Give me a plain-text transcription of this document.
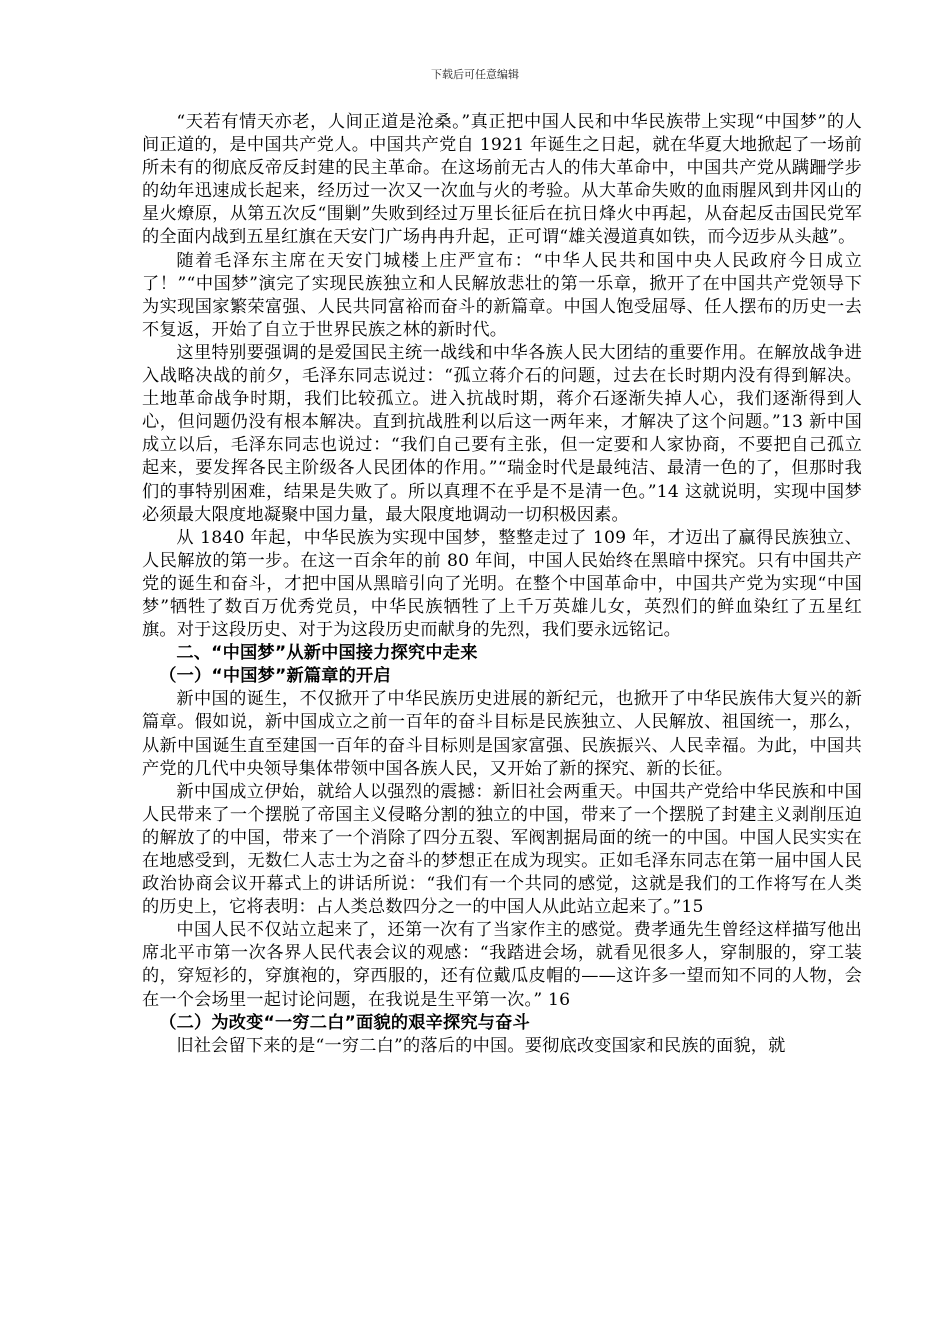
下载后可任意编辑

“天若有情天亦老，人间正道是沧桑。”真正把中国人民和中华民族带上实现“中国梦”的人间正道的，是中国共产党人。中国共产党自 1921 年诞生之日起，就在华夏大地掀起了一场前所未有的彻底反帝反封建的民主革命。在这场前无古人的伟大革命中，中国共产党从蹒跚学步的幼年迅速成长起来，经历过一次又一次血与火的考验。从大革命失败的血雨腥风到井冈山的星火燎原，从第五次反“围剿”失败到经过万里长征后在抗日烽火中再起，从奋起反击国民党军的全面内战到五星红旗在天安门广场冉冉升起，正可谓“雄关漫道真如铁，而今迈步从头越”。

随着毛泽东主席在天安门城楼上庄严宣布：“中华人民共和国中央人民政府今日成立了！”“中国梦”演完了实现民族独立和人民解放悲壮的第一乐章，掀开了在中国共产党领导下为实现国家繁荣富强、人民共同富裕而奋斗的新篇章。中国人饱受屈辱、任人摆布的历史一去不复返，开始了自立于世界民族之林的新时代。

这里特别要强调的是爱国民主统一战线和中华各族人民大团结的重要作用。在解放战争进入战略决战的前夕，毛泽东同志说过：“孤立蒋介石的问题，过去在长时期内没有得到解决。土地革命战争时期，我们比较孤立。进入抗战时期，蒋介石逐渐失掉人心，我们逐渐得到人心，但问题仍没有根本解决。直到抗战胜利以后这一两年来，才解决了这个问题。”13 新中国成立以后，毛泽东同志也说过：“我们自己要有主张，但一定要和人家协商，不要把自己孤立起来，要发挥各民主阶级各人民团体的作用。”“瑞金时代是最纯洁、最清一色的了，但那时我们的事特别困难，结果是失败了。所以真理不在乎是不是清一色。”14 这就说明，实现中国梦必须最大限度地凝聚中国力量，最大限度地调动一切积极因素。

从 1840 年起，中华民族为实现中国梦，整整走过了 109 年，才迈出了赢得民族独立、人民解放的第一步。在这一百余年的前 80 年间，中国人民始终在黑暗中探究。只有中国共产党的诞生和奋斗，才把中国从黑暗引向了光明。在整个中国革命中，中国共产党为实现“中国梦”牺牲了数百万优秀党员，中华民族牺牲了上千万英雄儿女，英烈们的鲜血染红了五星红旗。对于这段历史、对于为这段历史而献身的先烈，我们要永远铭记。

二、“中国梦”从新中国接力探究中走来
（一）“中国梦”新篇章的开启

新中国的诞生，不仅掀开了中华民族历史进展的新纪元，也掀开了中华民族伟大复兴的新篇章。假如说，新中国成立之前一百年的奋斗目标是民族独立、人民解放、祖国统一，那么，从新中国诞生直至建国一百年的奋斗目标则是国家富强、民族振兴、人民幸福。为此，中国共产党的几代中央领导集体带领中国各族人民，又开始了新的探究、新的长征。

新中国成立伊始，就给人以强烈的震撼：新旧社会两重天。中国共产党给中华民族和中国人民带来了一个摆脱了帝国主义侵略分割的独立的中国，带来了一个摆脱了封建主义剥削压迫的解放了的中国，带来了一个消除了四分五裂、军阀割据局面的统一的中国。中国人民实实在在地感受到，无数仁人志士为之奋斗的梦想正在成为现实。正如毛泽东同志在第一届中国人民政治协商会议开幕式上的讲话所说：“我们有一个共同的感觉，这就是我们的工作将写在人类的历史上，它将表明：占人类总数四分之一的中国人从此站立起来了。”15

中国人民不仅站立起来了，还第一次有了当家作主的感觉。费孝通先生曾经这样描写他出席北平市第一次各界人民代表会议的观感：“我踏进会场，就看见很多人，穿制服的，穿工装的，穿短衫的，穿旗袍的，穿西服的，还有位戴瓜皮帽的——这许多一望而知不同的人物，会在一个会场里一起讨论问题，在我说是生平第一次。” 16

（二）为改变“一穷二白”面貌的艰辛探究与奋斗

旧社会留下来的是“一穷二白”的落后的中国。要彻底改变国家和民族的面貌，就
